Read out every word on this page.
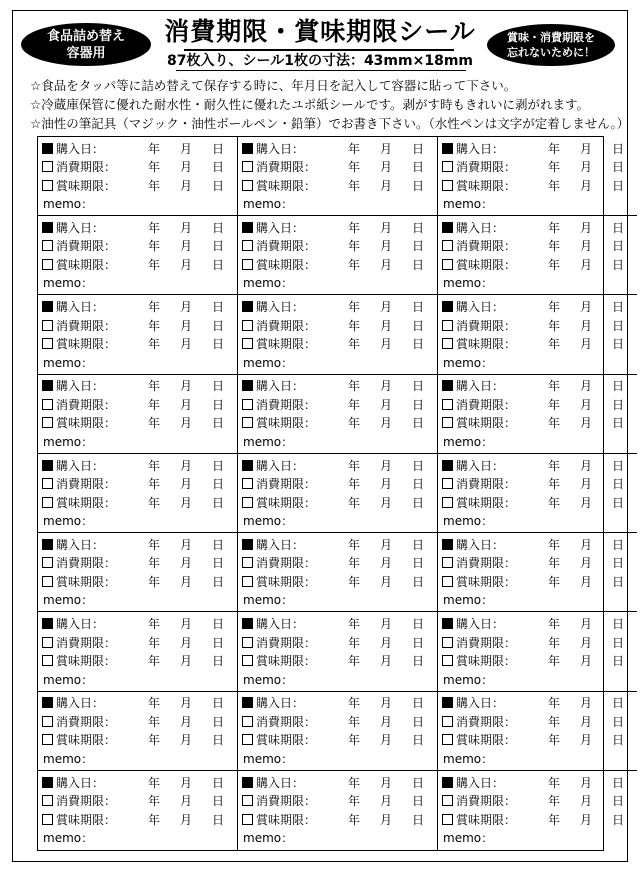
食品詰め替え
容器用
消費期限・賞味期限シール
87枚入り、シール1枚の寸法：43mm×18mm
賞味・消費期限を
忘れないために！
☆食品をタッパ等に詰め替えて保存する時に、年月日を記入して容器に貼って下さい。
☆冷蔵庫保管に優れた耐水性・耐久性に優れたユポ紙シールです。剥がす時もきれいに剥がれます。
☆油性の筆記具（マジック・油性ボールペン・鉛筆）でお書き下さい。（水性ペンは文字が定着しません。）
購入日：	年	月	日
消費期限：	年	月	日
賞味期限：	年	月	日
memo：
購入日：	年	月	日
消費期限：	年	月	日
賞味期限：	年	月	日
memo：
購入日：	年	月	日
消費期限：	年	月	日
賞味期限：	年	月	日
memo：
購入日：	年	月	日
消費期限：	年	月	日
賞味期限：	年	月	日
memo：
購入日：	年	月	日
消費期限：	年	月	日
賞味期限：	年	月	日
memo：
購入日：	年	月	日
消費期限：	年	月	日
賞味期限：	年	月	日
memo：
購入日：	年	月	日
消費期限：	年	月	日
賞味期限：	年	月	日
memo：
購入日：	年	月	日
消費期限：	年	月	日
賞味期限：	年	月	日
memo：
購入日：	年	月	日
消費期限：	年	月	日
賞味期限：	年	月	日
memo：
購入日：	年	月	日
消費期限：	年	月	日
賞味期限：	年	月	日
memo：
購入日：	年	月	日
消費期限：	年	月	日
賞味期限：	年	月	日
memo：
購入日：	年	月	日
消費期限：	年	月	日
賞味期限：	年	月	日
memo：
購入日：	年	月	日
消費期限：	年	月	日
賞味期限：	年	月	日
memo：
購入日：	年	月	日
消費期限：	年	月	日
賞味期限：	年	月	日
memo：
購入日：	年	月	日
消費期限：	年	月	日
賞味期限：	年	月	日
memo：
購入日：	年	月	日
消費期限：	年	月	日
賞味期限：	年	月	日
memo：
購入日：	年	月	日
消費期限：	年	月	日
賞味期限：	年	月	日
memo：
購入日：	年	月	日
消費期限：	年	月	日
賞味期限：	年	月	日
memo：
購入日：	年	月	日
消費期限：	年	月	日
賞味期限：	年	月	日
memo：
購入日：	年	月	日
消費期限：	年	月	日
賞味期限：	年	月	日
memo：
購入日：	年	月	日
消費期限：	年	月	日
賞味期限：	年	月	日
memo：
購入日：	年	月	日
消費期限：	年	月	日
賞味期限：	年	月	日
memo：
購入日：	年	月	日
消費期限：	年	月	日
賞味期限：	年	月	日
memo：
購入日：	年	月	日
消費期限：	年	月	日
賞味期限：	年	月	日
memo：
購入日：	年	月	日
消費期限：	年	月	日
賞味期限：	年	月	日
memo：
購入日：	年	月	日
消費期限：	年	月	日
賞味期限：	年	月	日
memo：
購入日：	年	月	日
消費期限：	年	月	日
賞味期限：	年	月	日
memo：
